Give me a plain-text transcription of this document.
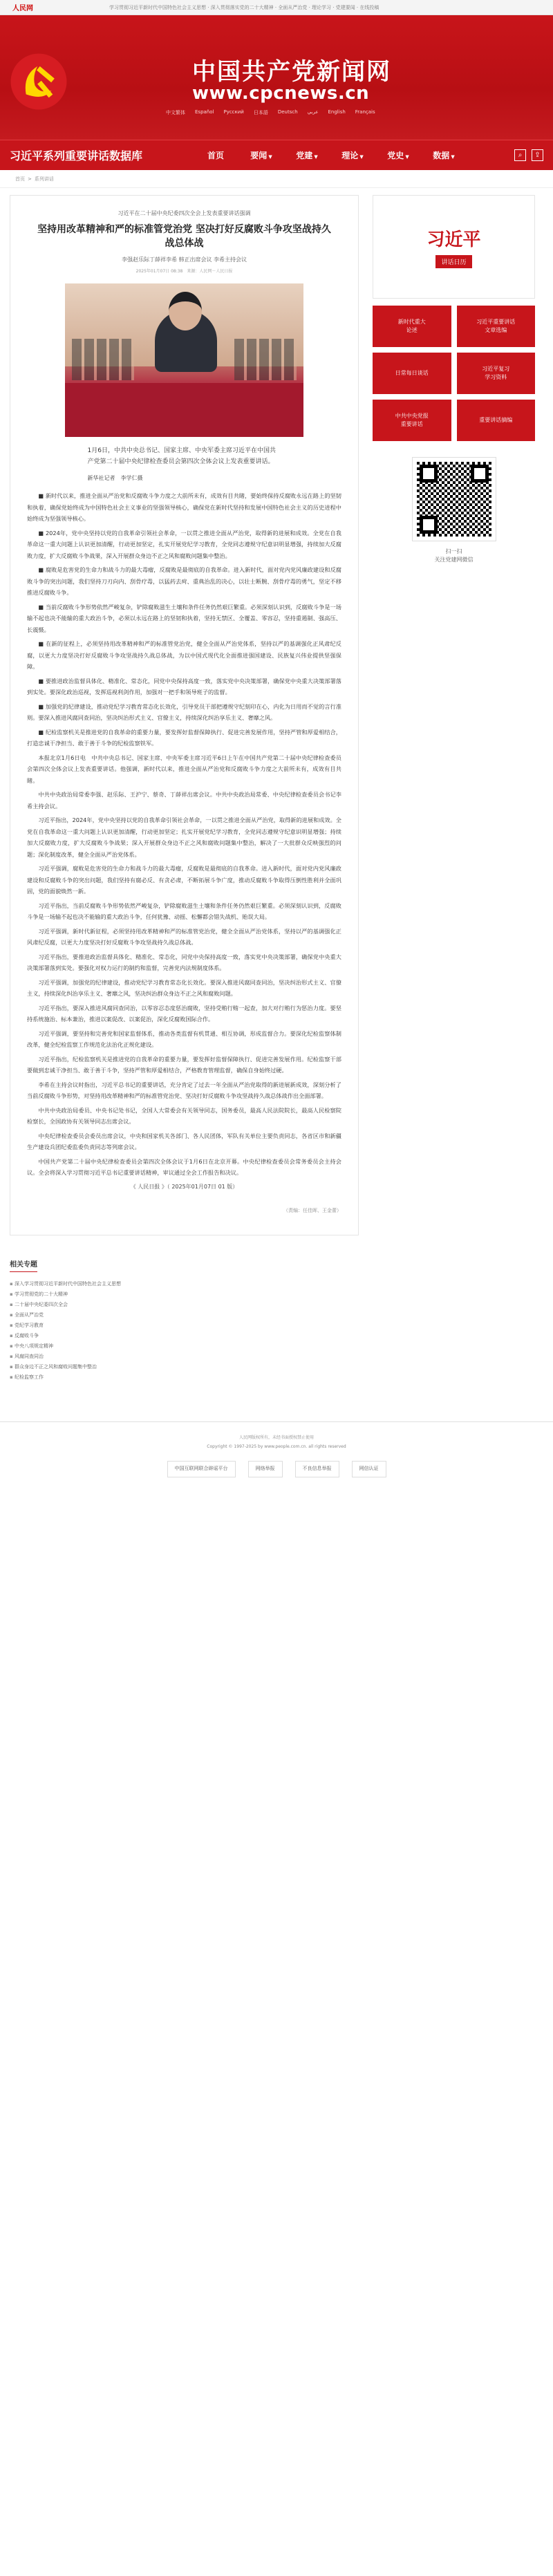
人民网	学习贯彻习近平新时代中国特色社会主义思想 · 深入贯彻落实党的二十大精神 · 全面从严治党 · 理论学习 · 党建要闻 · 在线投稿
中国共产党新闻网
www.cpcnews.cn
中文繁体 Español Русский 日本語 Deutsch عربي English Français
习近平系列重要讲话数据库	首页	要闻 ▼	党建 ▼	理论 ▼	党史 ▼	数据 ▼	⌕	⇪
首页 > 系列讲话
习近平在二十届中央纪委四次全会上发表重要讲话强调
坚持用改革精神和严的标准管党治党 坚决打好反腐败斗争攻坚战持久战总体战
李强赵乐际丁薛祥李希 韩正出席会议 李希主持会议
2025年01月07日 08:38　来源：人民网－人民日报
1月6日，中共中央总书记、国家主席、中央军委主席习近平在中国共产党第二十届中央纪律检查委员会第四次全体会议上发表重要讲话。
新华社记者　李学仁摄

■ 新时代以来，推进全面从严治党和反腐败斗争力度之大前所未有，成效有目共睹，要始终保持反腐败永远在路上的坚韧和执着，确保党始终成为中国特色社会主义事业的坚强领导核心，确保党在新时代坚持和发展中国特色社会主义的历史进程中始终成为坚强领导核心。

■ 2024年，党中央坚持以党的自我革命引领社会革命，一以贯之推进全面从严治党，取得新的进展和成效。全党在自我革命这一重大问题上认识更加清醒，行动更加坚定，扎实开展党纪学习教育，全党同志遵规守纪意识明显增强，持续加大反腐败力度，扩大反腐败斗争战果，深入开展群众身边不正之风和腐败问题集中整治。

■ 腐败是危害党的生命力和战斗力的最大毒瘤，反腐败是最彻底的自我革命。进入新时代，面对党内党风廉政建设和反腐败斗争的突出问题，我们坚持刀刃向内、刮骨疗毒，以猛药去疴、重典治乱的决心，以壮士断腕、刮骨疗毒的勇气，坚定不移推进反腐败斗争。

■ 当前反腐败斗争形势依然严峻复杂，铲除腐败滋生土壤和条件任务仍然艰巨繁重。必须深刻认识到，反腐败斗争是一场输不起也决不能输的重大政治斗争，必须以永远在路上的坚韧和执着，坚持无禁区、全覆盖、零容忍，坚持重遏制、强高压、长震慑。

■ 在新的征程上，必须坚持用改革精神和严的标准管党治党，健全全面从严治党体系，坚持以严的基调强化正风肃纪反腐，以更大力度坚决打好反腐败斗争攻坚战持久战总体战，为以中国式现代化全面推进强国建设、民族复兴伟业提供坚强保障。

■ 要推进政治监督具体化、精准化、常态化，同党中央保持高度一致，落实党中央决策部署，确保党中央重大决策部署落到实处。要深化政治巡视，发挥巡视利剑作用，加强对一把手和领导班子的监督。

■ 加强党的纪律建设，推动党纪学习教育常态化长效化，引导党员干部把遵规守纪刻印在心，内化为日用而不觉的言行准则。要深入推进风腐同查同治，坚决纠治形式主义、官僚主义，持续深化纠治享乐主义、奢靡之风。

■ 纪检监察机关是推进党的自我革命的重要力量，要发挥好监督保障执行、促进完善发展作用，坚持严管和厚爱相结合，打造忠诚干净担当、敢于善于斗争的纪检监察铁军。

本报北京1月6日电　中共中央总书记、国家主席、中央军委主席习近平6日上午在中国共产党第二十届中央纪律检查委员会第四次全体会议上发表重要讲话。他强调，新时代以来，推进全面从严治党和反腐败斗争力度之大前所未有，成效有目共睹。

中共中央政治局常委李强、赵乐际、王沪宁、蔡奇、丁薛祥出席会议。中共中央政治局常委、中央纪律检查委员会书记李希主持会议。

习近平指出，2024年，党中央坚持以党的自我革命引领社会革命，一以贯之推进全面从严治党，取得新的进展和成效。全党在自我革命这一重大问题上认识更加清醒，行动更加坚定；扎实开展党纪学习教育，全党同志遵规守纪意识明显增强；持续加大反腐败力度，扩大反腐败斗争战果；深入开展群众身边不正之风和腐败问题集中整治，解决了一大批群众反映强烈的问题；深化制度改革，健全全面从严治党体系。

习近平强调，腐败是危害党的生命力和战斗力的最大毒瘤，反腐败是最彻底的自我革命。进入新时代，面对党内党风廉政建设和反腐败斗争的突出问题，我们坚持有腐必反、有贪必肃，不断拓展斗争广度，推动反腐败斗争取得压倒性胜利并全面巩固，党的面貌焕然一新。

习近平指出，当前反腐败斗争形势依然严峻复杂，铲除腐败滋生土壤和条件任务仍然艰巨繁重。必须深刻认识到，反腐败斗争是一场输不起也决不能输的重大政治斗争，任何犹豫、动摇、松懈都会错失战机、贻误大局。

习近平强调，新时代新征程，必须坚持用改革精神和严的标准管党治党，健全全面从严治党体系，坚持以严的基调强化正风肃纪反腐，以更大力度坚决打好反腐败斗争攻坚战持久战总体战。

习近平指出，要推进政治监督具体化、精准化、常态化，同党中央保持高度一致，落实党中央决策部署，确保党中央重大决策部署落到实处。要强化对权力运行的制约和监督，完善党内法规制度体系。

习近平强调，加强党的纪律建设，推动党纪学习教育常态化长效化。要深入推进风腐同查同治，坚决纠治形式主义、官僚主义，持续深化纠治享乐主义、奢靡之风，坚决纠治群众身边不正之风和腐败问题。

习近平指出，要深入推进风腐同查同治，以零容忍态度惩治腐败，坚持受贿行贿一起查，加大对行贿行为惩治力度。要坚持系统施治、标本兼治，推进以案促改、以案促治，深化反腐败国际合作。

习近平强调，要坚持和完善党和国家监督体系，推动各类监督有机贯通、相互协调，形成监督合力。要深化纪检监察体制改革，健全纪检监察工作规范化法治化正规化建设。

习近平指出，纪检监察机关是推进党的自我革命的重要力量，要发挥好监督保障执行、促进完善发展作用。纪检监察干部要做到忠诚干净担当、敢于善于斗争，坚持严管和厚爱相结合，严格教育管理监督，确保自身始终过硬。

李希在主持会议时指出，习近平总书记的重要讲话，充分肯定了过去一年全面从严治党取得的新进展新成效，深刻分析了当前反腐败斗争形势，对坚持用改革精神和严的标准管党治党、坚决打好反腐败斗争攻坚战持久战总体战作出全面部署。

中共中央政治局委员、中央书记处书记，全国人大常委会有关领导同志，国务委员，最高人民法院院长，最高人民检察院检察长，全国政协有关领导同志出席会议。

中央纪律检查委员会委员出席会议，中央和国家机关各部门、各人民团体，军队有关单位主要负责同志，各省区市和新疆生产建设兵团纪委监委负责同志等列席会议。

中国共产党第二十届中央纪律检查委员会第四次全体会议于1月6日在北京开幕。中央纪律检查委员会常务委员会主持会议。全会将深入学习贯彻习近平总书记重要讲话精神，审议通过全会工作报告和决议。

《 人民日报 》（ 2025年01月07日 01 版）
（责编：任佳晖、王金蕾）
习近平
讲话日历
新时代重大
论述
习近平重要讲话
文章选编
日常每日谈话
习近平复习
学习资料
中共中央党报
重要讲话
重要讲话摘编
扫一扫
关注党建网微信
相关专题
▪ 深入学习贯彻习近平新时代中国特色社会主义思想
▪ 学习贯彻党的二十大精神
▪ 二十届中央纪委四次全会
▪ 全面从严治党
▪ 党纪学习教育
▪ 反腐败斗争
▪ 中央八项规定精神
▪ 风腐同查同治
▪ 群众身边不正之风和腐败问题集中整治
▪ 纪检监察工作
人民网版权所有，未经书面授权禁止使用
Copyright © 1997-2025 by www.people.com.cn. all rights reserved
中国互联网联合辟谣平台	网络举报	不良信息举报	网信认证
